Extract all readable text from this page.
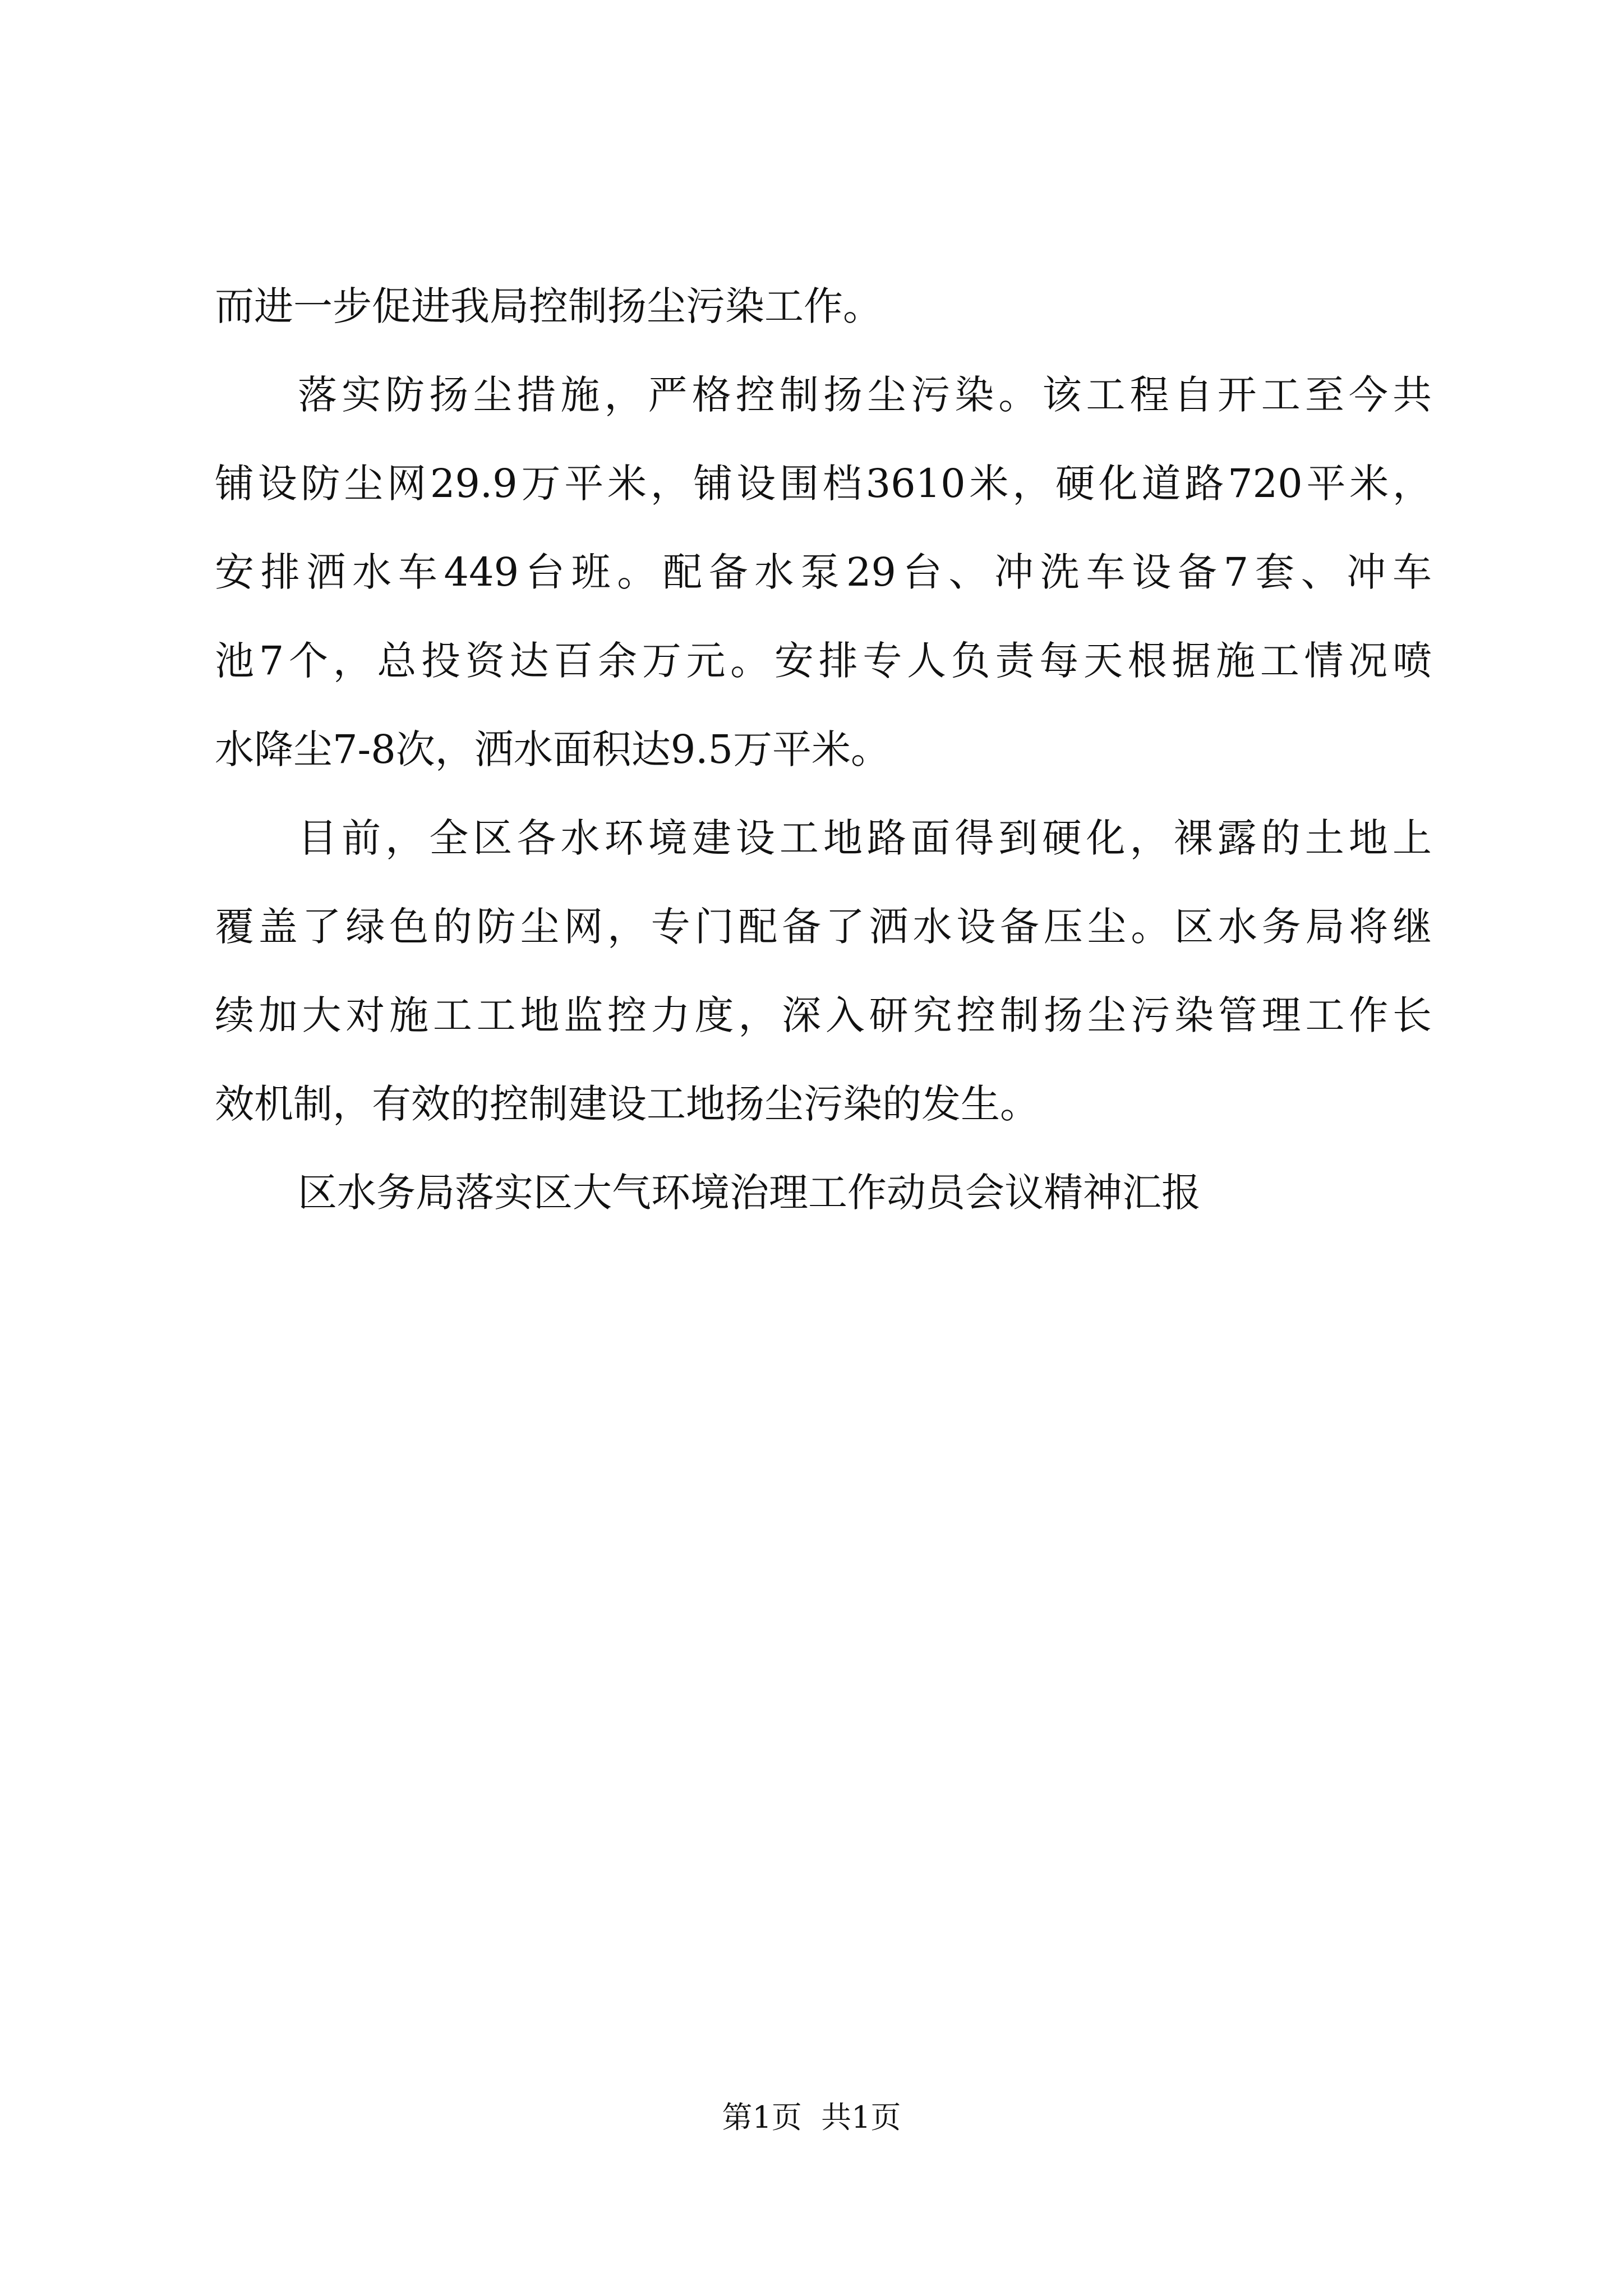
而进一步促进我局控制扬尘污染工作。
落实防扬尘措施，严格控制扬尘污染。该工程自开工至今共
铺设防尘网29.9万平米，铺设围档3610米，硬化道路720平米，
安排洒水车449台班。配备水泵29台、冲洗车设备7套、冲车
池7个，总投资达百余万元。安排专人负责每天根据施工情况喷
水降尘7-8次，洒水面积达9.5万平米。
目前，全区各水环境建设工地路面得到硬化，裸露的土地上
覆盖了绿色的防尘网，专门配备了洒水设备压尘。区水务局将继
续加大对施工工地监控力度，深入研究控制扬尘污染管理工作长
效机制，有效的控制建设工地扬尘污染的发生。
区水务局落实区大气环境治理工作动员会议精神汇报
第1页  共1页
